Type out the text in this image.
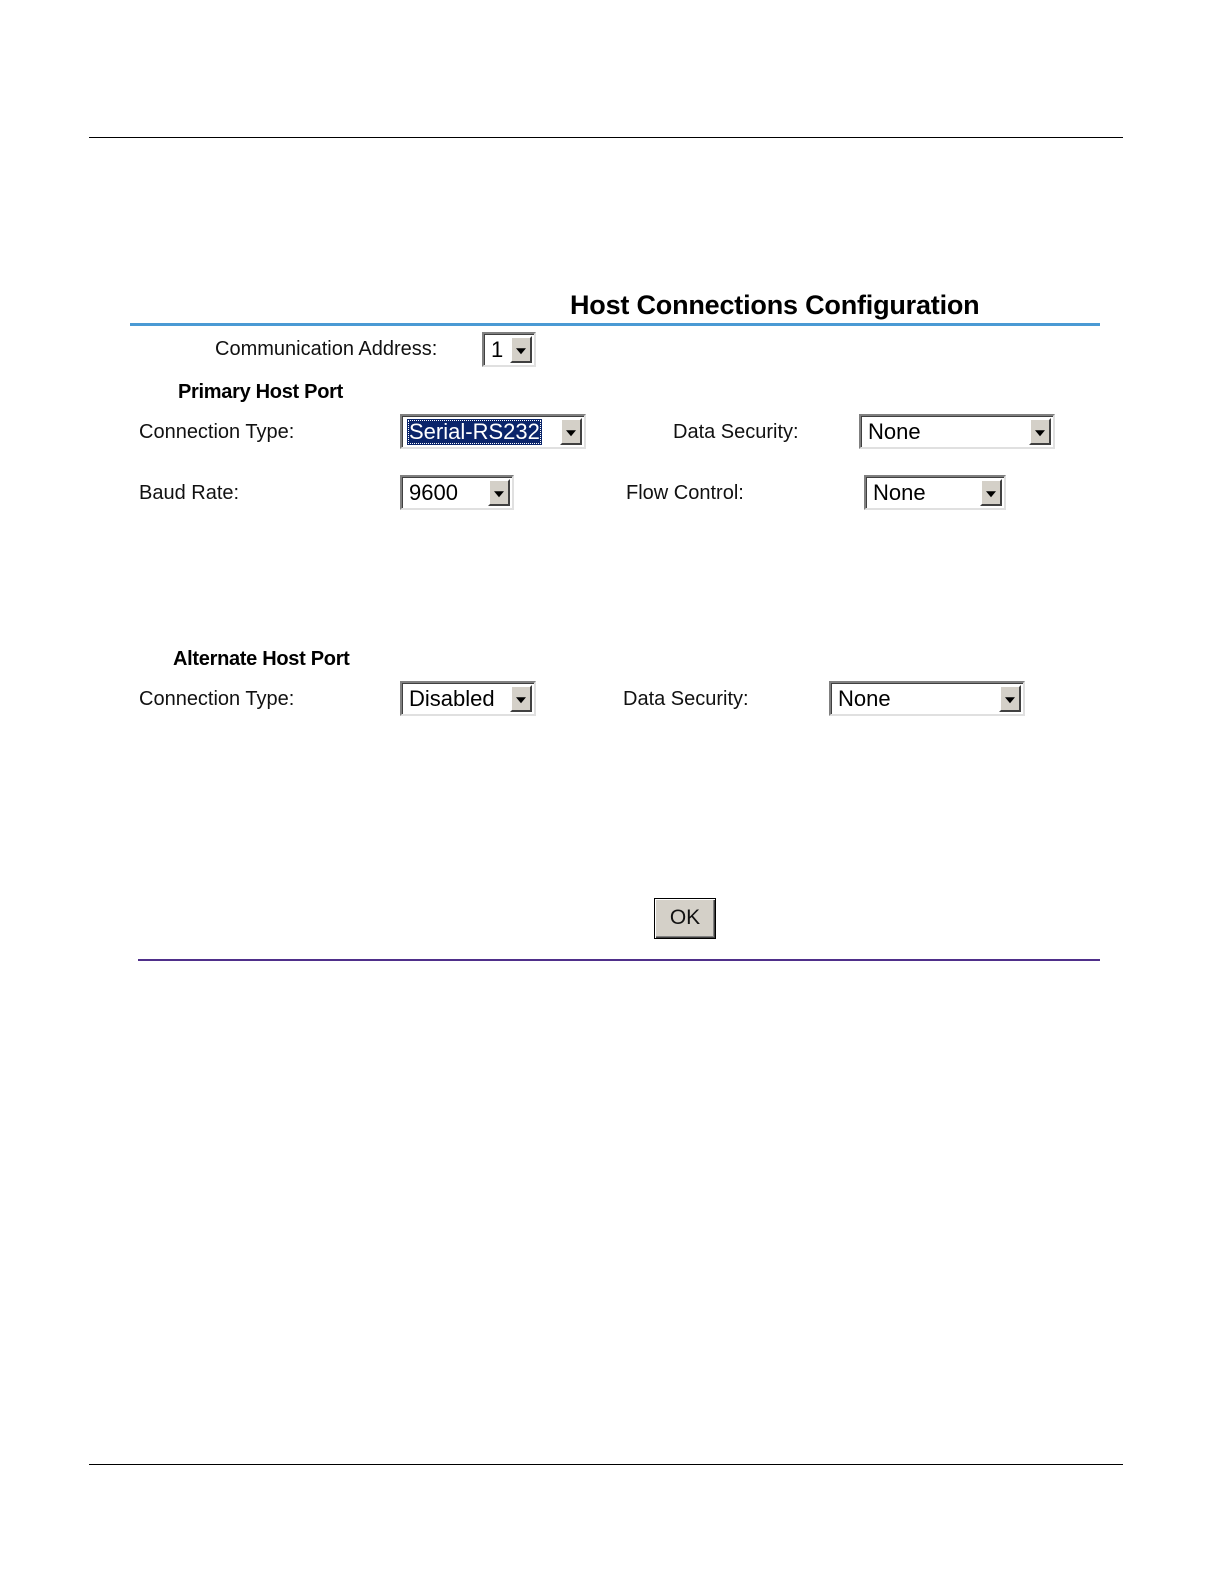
Host Connections Configuration
Communication Address: 1
Primary Host Port
Connection Type:	Serial-RS232	Data Security:	None
Baud Rate:	9600	Flow Control:	None
Alternate Host Port
Connection Type:	Disabled	Data Security:	None
OK
